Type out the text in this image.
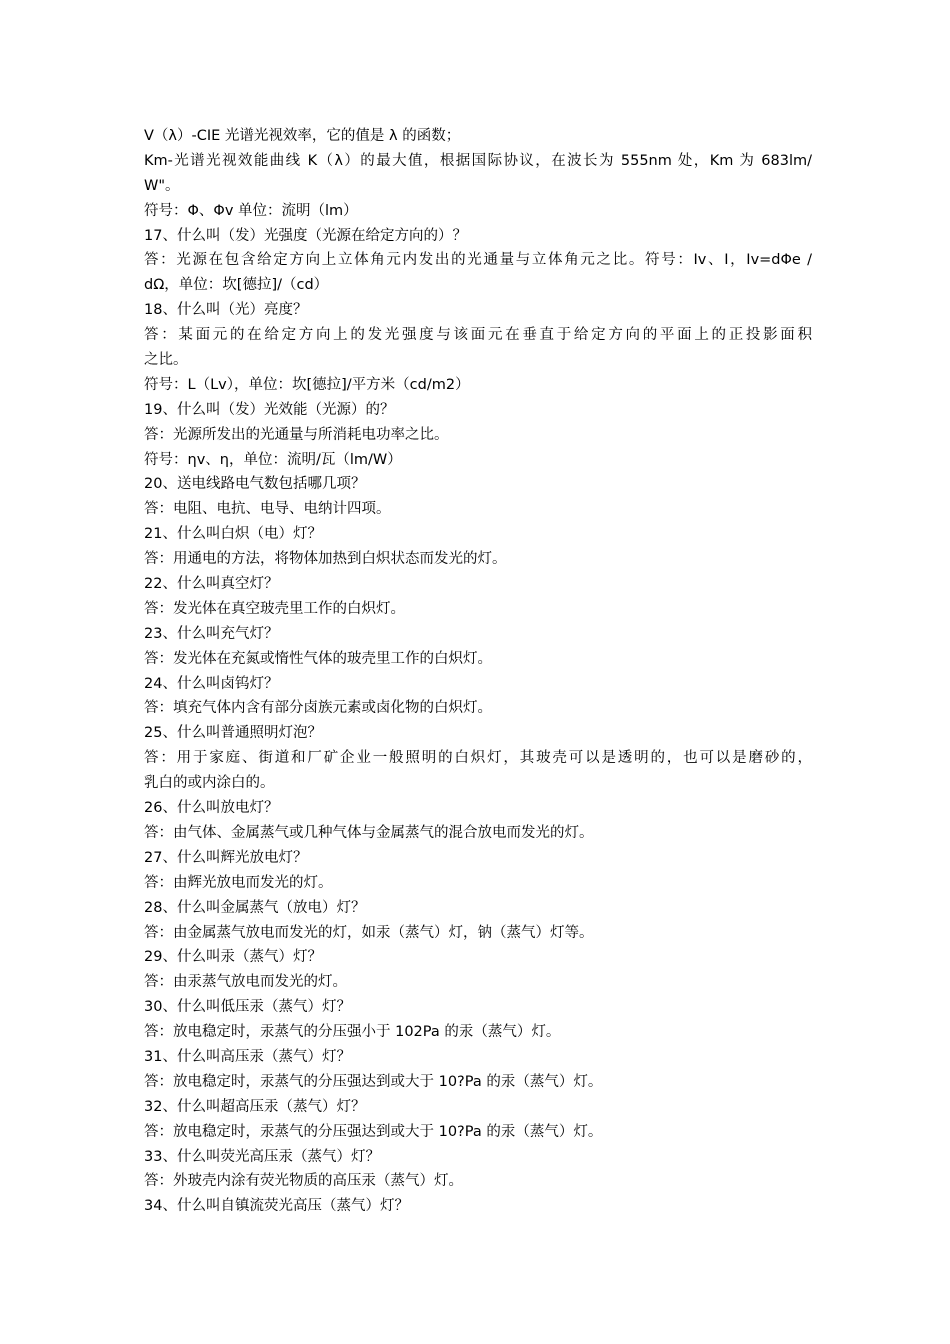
V（λ）-CIE 光谱光视效率，它的值是 λ 的函数；
Km-光谱光视效能曲线 K（λ）的最大值，根据国际协议，在波长为 555nm 处，Km 为 683lm/
W"。
符号：Φ、Φv 单位：流明（lm）
17、什么叫（发）光强度（光源在给定方向的）？
答：光源在包含给定方向上立体角元内发出的光通量与立体角元之比。符号：Iv、I，Iv=dΦe /
dΩ，单位：坎[德拉]/（cd）
18、什么叫（光）亮度？
答：某面元的在给定方向上的发光强度与该面元在垂直于给定方向的平面上的正投影面积
之比。
符号：L（Lv），单位：坎[德拉]/平方米（cd/m2）
19、什么叫（发）光效能（光源）的？
答：光源所发出的光通量与所消耗电功率之比。
符号：ηv、η，单位：流明/瓦（lm/W）
20、送电线路电气数包括哪几项？
答：电阻、电抗、电导、电纳计四项。
21、什么叫白炽（电）灯？
答：用通电的方法，将物体加热到白炽状态而发光的灯。
22、什么叫真空灯？
答：发光体在真空玻壳里工作的白炽灯。
23、什么叫充气灯？
答：发光体在充氮或惰性气体的玻壳里工作的白炽灯。
24、什么叫卤钨灯？
答：填充气体内含有部分卤族元素或卤化物的白炽灯。
25、什么叫普通照明灯泡？
答：用于家庭、街道和厂矿企业一般照明的白炽灯，其玻壳可以是透明的，也可以是磨砂的，
乳白的或内涂白的。
26、什么叫放电灯？
答：由气体、金属蒸气或几种气体与金属蒸气的混合放电而发光的灯。
27、什么叫辉光放电灯？
答：由辉光放电而发光的灯。
28、什么叫金属蒸气（放电）灯？
答：由金属蒸气放电而发光的灯，如汞（蒸气）灯，钠（蒸气）灯等。
29、什么叫汞（蒸气）灯？
答：由汞蒸气放电而发光的灯。
30、什么叫低压汞（蒸气）灯？
答：放电稳定时，汞蒸气的分压强小于 102Pa 的汞（蒸气）灯。
31、什么叫高压汞（蒸气）灯？
答：放电稳定时，汞蒸气的分压强达到或大于 10?Pa 的汞（蒸气）灯。
32、什么叫超高压汞（蒸气）灯？
答：放电稳定时，汞蒸气的分压强达到或大于 10?Pa 的汞（蒸气）灯。
33、什么叫荧光高压汞（蒸气）灯？
答：外玻壳内涂有荧光物质的高压汞（蒸气）灯。
34、什么叫自镇流荧光高压（蒸气）灯？
